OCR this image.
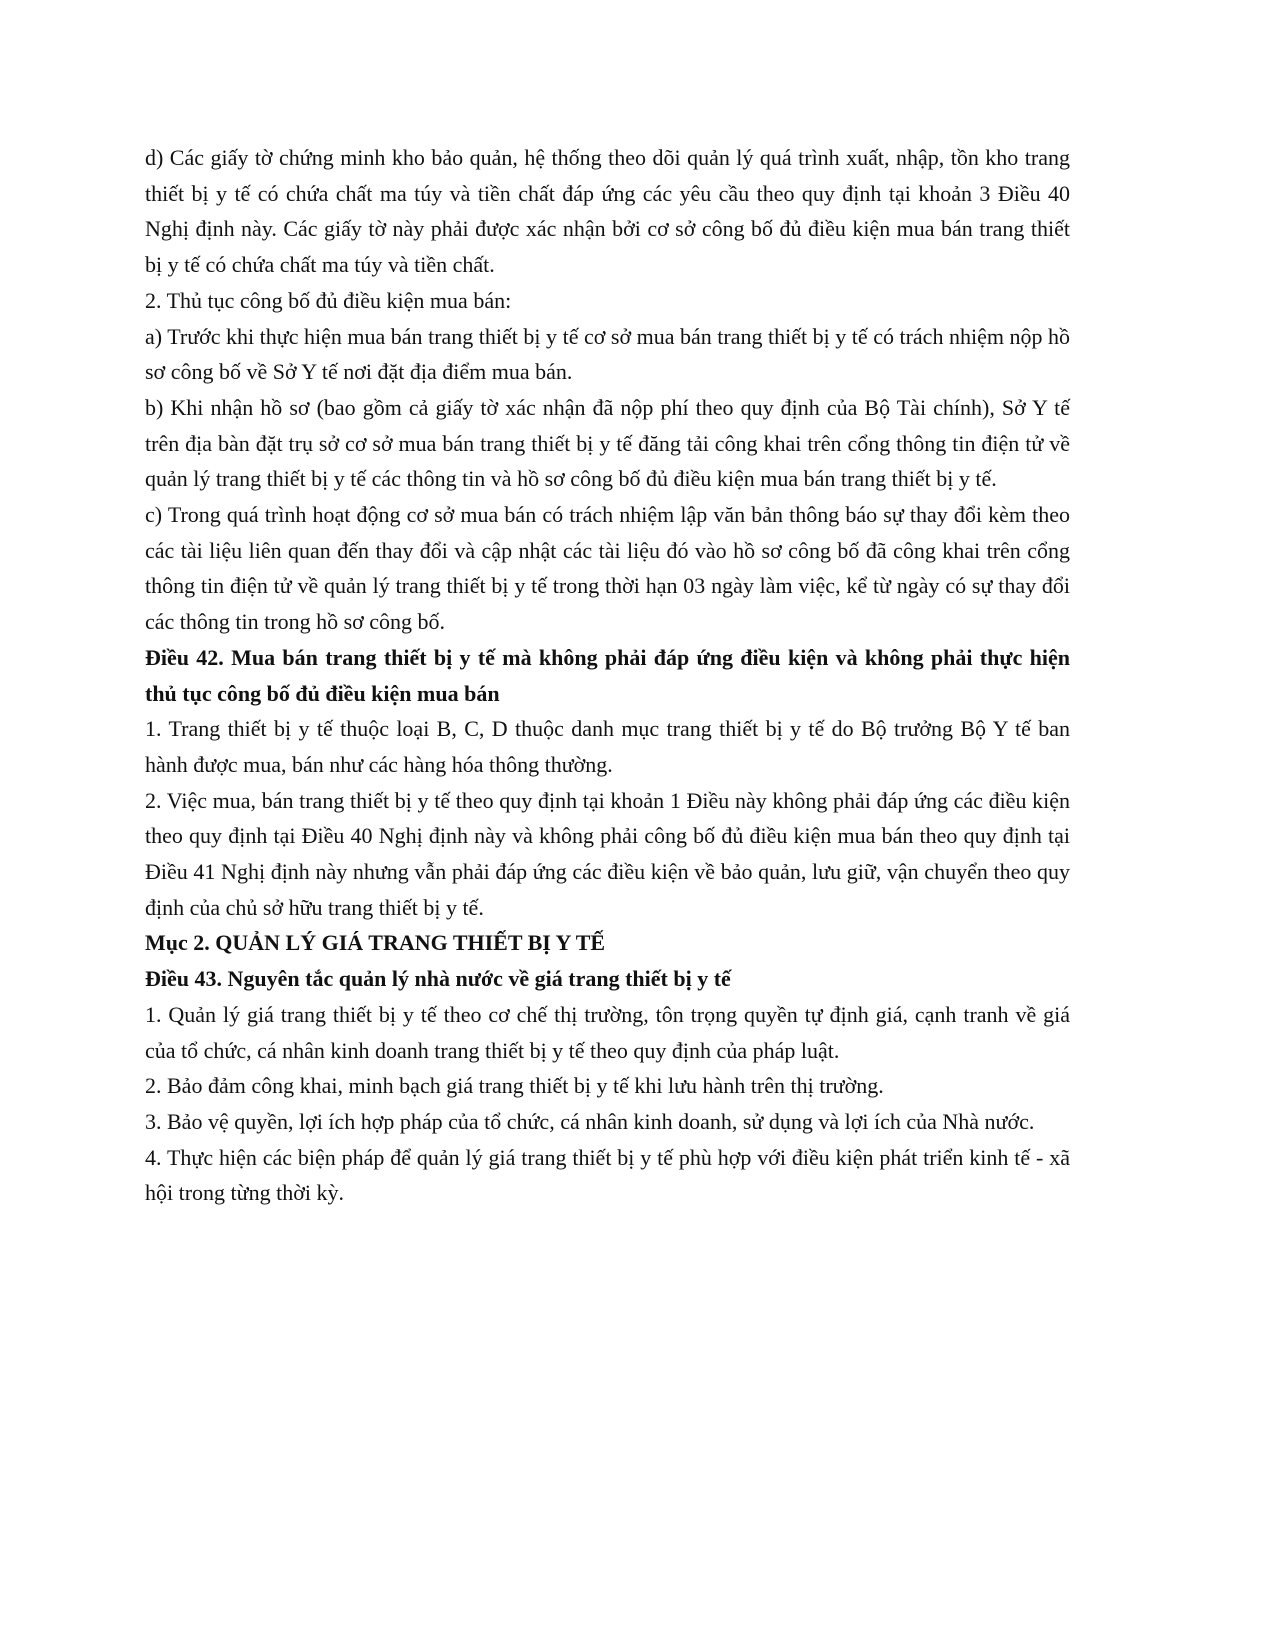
d) Các giấy tờ chứng minh kho bảo quản, hệ thống theo dõi quản lý quá trình xuất, nhập, tồn kho trang thiết bị y tế có chứa chất ma túy và tiền chất đáp ứng các yêu cầu theo quy định tại khoản 3 Điều 40 Nghị định này. Các giấy tờ này phải được xác nhận bởi cơ sở công bố đủ điều kiện mua bán trang thiết bị y tế có chứa chất ma túy và tiền chất.

2. Thủ tục công bố đủ điều kiện mua bán:

a) Trước khi thực hiện mua bán trang thiết bị y tế cơ sở mua bán trang thiết bị y tế có trách nhiệm nộp hồ sơ công bố về Sở Y tế nơi đặt địa điểm mua bán.

b) Khi nhận hồ sơ (bao gồm cả giấy tờ xác nhận đã nộp phí theo quy định của Bộ Tài chính), Sở Y tế trên địa bàn đặt trụ sở cơ sở mua bán trang thiết bị y tế đăng tải công khai trên cổng thông tin điện tử về quản lý trang thiết bị y tế các thông tin và hồ sơ công bố đủ điều kiện mua bán trang thiết bị y tế.

c) Trong quá trình hoạt động cơ sở mua bán có trách nhiệm lập văn bản thông báo sự thay đổi kèm theo các tài liệu liên quan đến thay đổi và cập nhật các tài liệu đó vào hồ sơ công bố đã công khai trên cổng thông tin điện tử về quản lý trang thiết bị y tế trong thời hạn 03 ngày làm việc, kể từ ngày có sự thay đổi các thông tin trong hồ sơ công bố.

Điều 42. Mua bán trang thiết bị y tế mà không phải đáp ứng điều kiện và không phải thực hiện thủ tục công bố đủ điều kiện mua bán

1. Trang thiết bị y tế thuộc loại B, C, D thuộc danh mục trang thiết bị y tế do Bộ trưởng Bộ Y tế ban hành được mua, bán như các hàng hóa thông thường.

2. Việc mua, bán trang thiết bị y tế theo quy định tại khoản 1 Điều này không phải đáp ứng các điều kiện theo quy định tại Điều 40 Nghị định này và không phải công bố đủ điều kiện mua bán theo quy định tại Điều 41 Nghị định này nhưng vẫn phải đáp ứng các điều kiện về bảo quản, lưu giữ, vận chuyển theo quy định của chủ sở hữu trang thiết bị y tế.

Mục 2. QUẢN LÝ GIÁ TRANG THIẾT BỊ Y TẾ

Điều 43. Nguyên tắc quản lý nhà nước về giá trang thiết bị y tế

1. Quản lý giá trang thiết bị y tế theo cơ chế thị trường, tôn trọng quyền tự định giá, cạnh tranh về giá của tổ chức, cá nhân kinh doanh trang thiết bị y tế theo quy định của pháp luật.

2. Bảo đảm công khai, minh bạch giá trang thiết bị y tế khi lưu hành trên thị trường.

3. Bảo vệ quyền, lợi ích hợp pháp của tổ chức, cá nhân kinh doanh, sử dụng và lợi ích của Nhà nước.

4. Thực hiện các biện pháp để quản lý giá trang thiết bị y tế phù hợp với điều kiện phát triển kinh tế - xã hội trong từng thời kỳ.
